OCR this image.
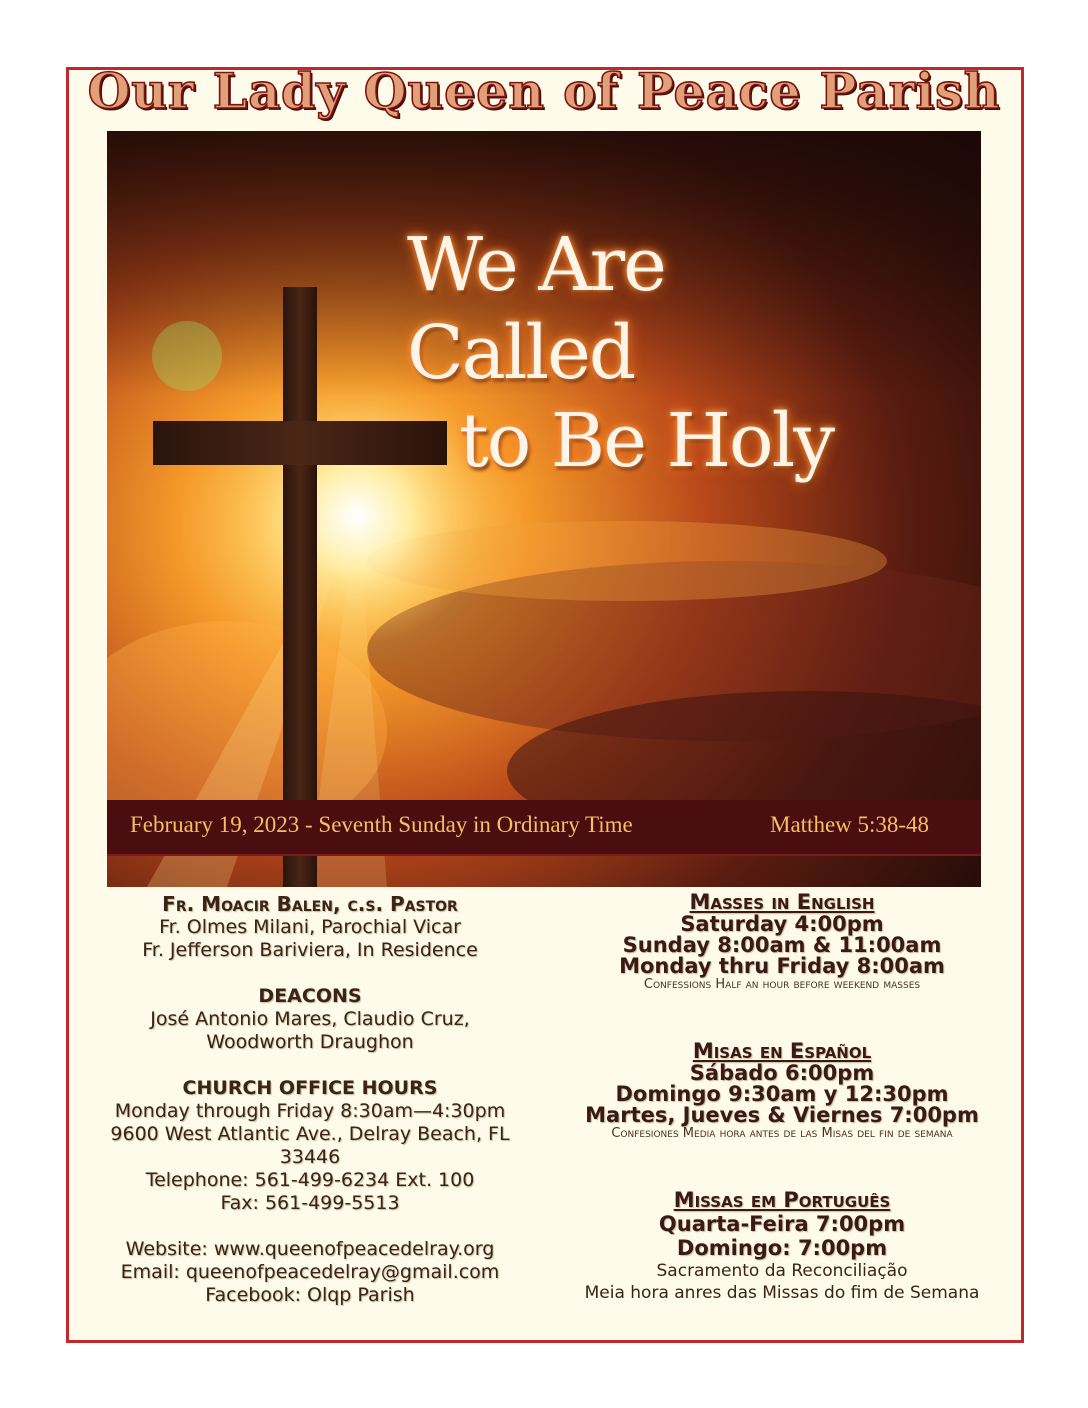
Our Lady Queen of Peace Parish
We Are Called
to Be Holy
February 19, 2023 - Seventh Sunday in Ordinary Time	Matthew 5:38-48
Fr. Moacir Balen, c.s. Pastor
Fr. Olmes Milani, Parochial Vicar
Fr. Jefferson Bariviera, In Residence
DEACONS
José Antonio Mares, Claudio Cruz,
Woodworth Draughon
CHURCH OFFICE HOURS
Monday through Friday 8:30am—4:30pm
9600 West Atlantic Ave., Delray Beach, FL
33446
Telephone: 561-499-6234 Ext. 100
Fax: 561-499-5513
Website: www.queenofpeacedelray.org
Email: queenofpeacedelray@gmail.com
Facebook: Olqp Parish
Masses in English
Saturday 4:00pm
Sunday 8:00am & 11:00am
Monday thru Friday 8:00am
Confessions Half an hour before weekend masses
Misas en Español
Sábado 6:00pm
Domingo 9:30am y 12:30pm
Martes, Jueves & Viernes 7:00pm
Confesiones Media hora antes de las Misas del fin de semana
Missas em Português
Quarta-Feira 7:00pm
Domingo: 7:00pm
Sacramento da Reconciliação
Meia hora anres das Missas do fim de Semana
